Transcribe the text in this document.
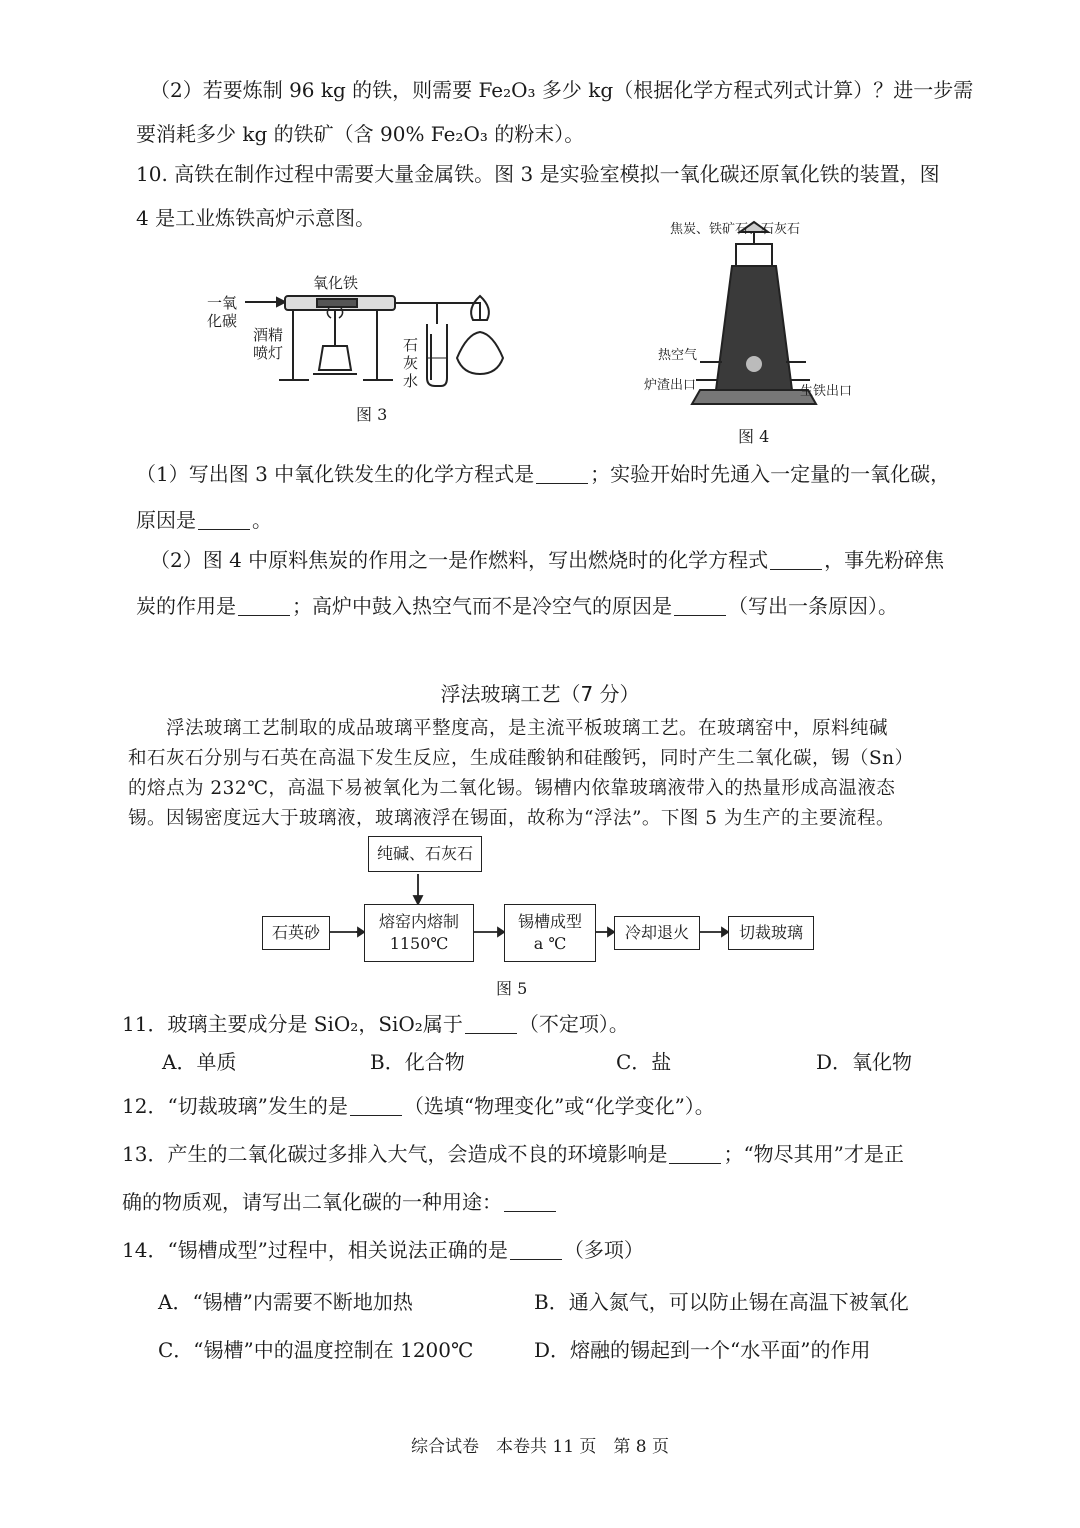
（2）若要炼制 96 kg 的铁，则需要 Fe₂O₃ 多少 kg（根据化学方程式列式计算）？进一步需
要消耗多少 kg 的铁矿（含 90% Fe₂O₃ 的粉末）。
10. 高铁在制作过程中需要大量金属铁。图 3 是实验室模拟一氧化碳还原氧化铁的装置，图
4 是工业炼铁高炉示意图。
一氧
化碳
氧化铁
酒精
喷灯	石
灰
水
图 3
焦炭、铁矿石、石灰石
热空气
炉渣出口	生铁出口
图 4
（1）写出图 3 中氧化铁发生的化学方程式是	；实验开始时先通入一定量的一氧化碳，
原因是	。
（2）图 4 中原料焦炭的作用之一是作燃料，写出燃烧时的化学方程式	，事先粉碎焦
炭的作用是	；高炉中鼓入热空气而不是冷空气的原因是	（写出一条原因）。
浮法玻璃工艺（7 分）

浮法玻璃工艺制取的成品玻璃平整度高，是主流平板玻璃工艺。在玻璃窑中，原料纯碱

和石灰石分别与石英在高温下发生反应，生成硅酸钠和硅酸钙，同时产生二氧化碳，锡（Sn）
的熔点为 232℃，高温下易被氧化为二氧化锡。锡槽内依靠玻璃液带入的热量形成高温液态
锡。因锡密度远大于玻璃液，玻璃液浮在锡面，故称为“浮法”。下图 5 为生产的主要流程。
纯碱、石灰石
石英砂
熔窑内熔制
1150℃
锡槽成型
a ℃
冷却退火	切裁玻璃
图 5
11．玻璃主要成分是 SiO₂，SiO₂属于	（不定项）。
A．单质	B．化合物	C．盐	D．氧化物
12．“切裁玻璃”发生的是	（选填“物理变化”或“化学变化”）。
13．产生的二氧化碳过多排入大气，会造成不良的环境影响是	；“物尽其用”才是正
确的物质观，请写出二氧化碳的一种用途：
14．“锡槽成型”过程中，相关说法正确的是	（多项）
A．“锡槽”内需要不断地加热	B．通入氮气，可以防止锡在高温下被氧化
C．“锡槽”中的温度控制在 1200℃	D．熔融的锡起到一个“水平面”的作用
综合试卷　本卷共 11 页　第 8 页
